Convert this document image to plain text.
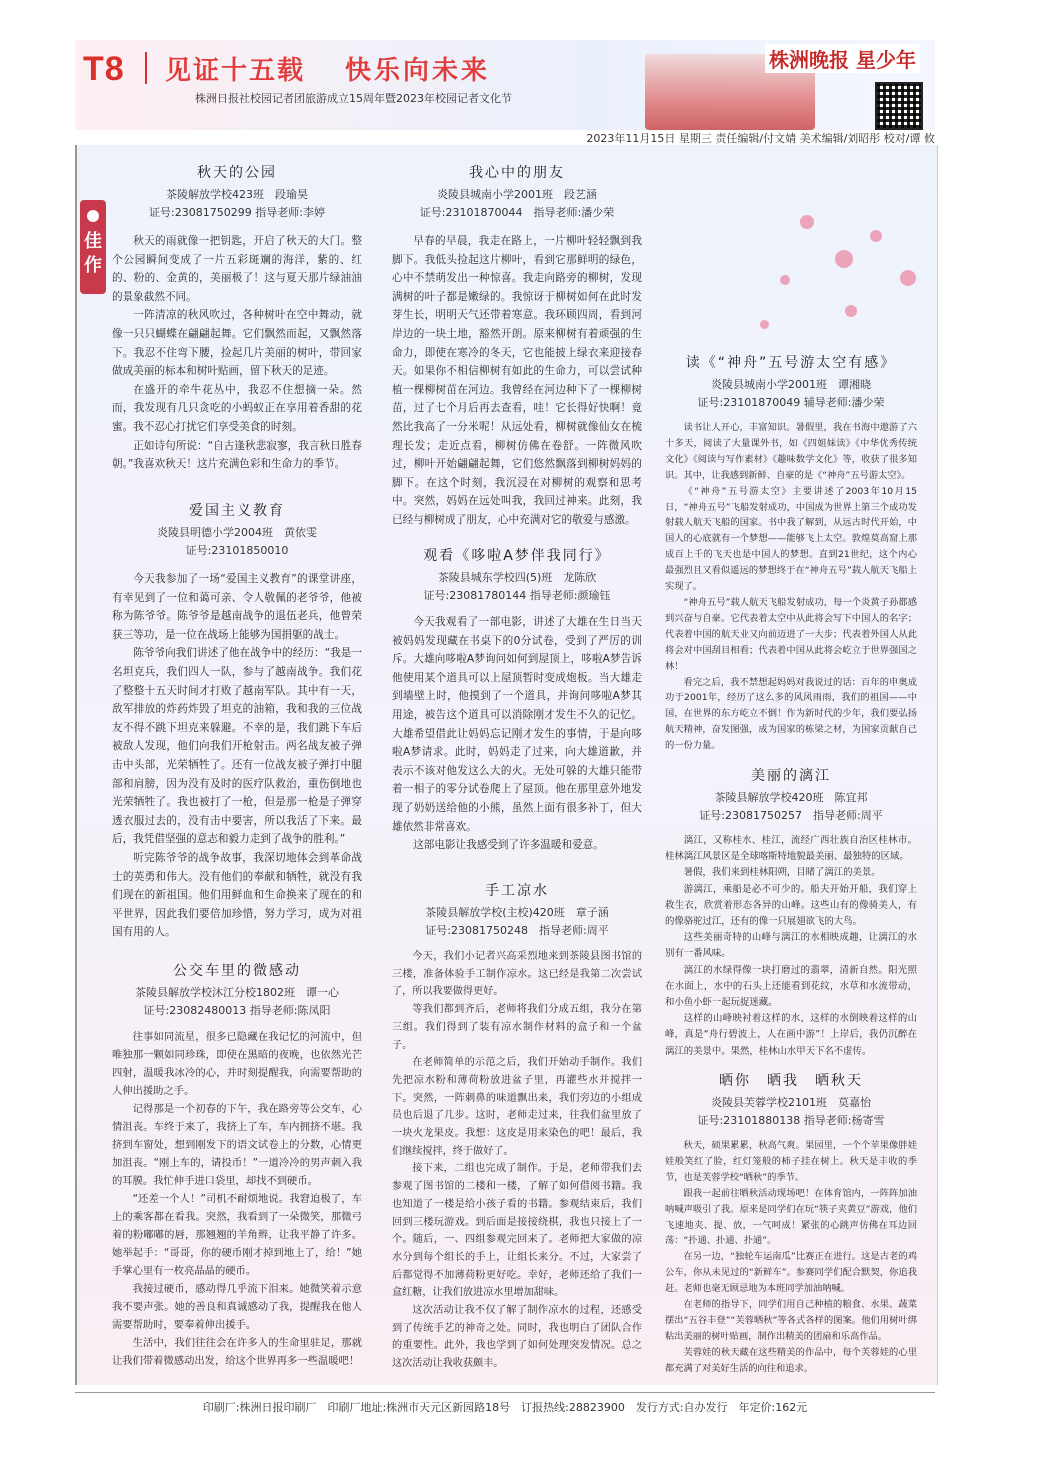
T8 见证十五载 快乐向未来
株洲日报社校园记者团旅游成立15周年暨2023年校园记者文化节
株洲晚报 星少年
2023年11月15日 星期三 责任编辑/付文婧 美术编辑/刘昭彤 校对/谭 攸
佳作
秋天的公园
茶陵解放学校423班　段瑜昊
证号:23081750299 指导老师:李婷

秋天的雨就像一把钥匙，开启了秋天的大门。整个公园瞬间变成了一片五彩斑斓的海洋，紫的、红的、粉的、金黄的，美丽极了！这与夏天那片绿油油的景象截然不同。

一阵清凉的秋风吹过，各种树叶在空中舞动，就像一只只蝴蝶在翩翩起舞。它们飘然而起，又飘然落下。我忍不住弯下腰，捡起几片美丽的树叶，带回家做成美丽的标本和树叶贴画，留下秋天的足迹。

在盛开的牵牛花丛中，我忍不住想摘一朵。然而，我发现有几只贪吃的小蚂蚁正在享用着香甜的花蜜。我不忍心打扰它们享受美食的时刻。

正如诗句所说：“自古逢秋悲寂寥，我言秋日胜春朝。”我喜欢秋天！这片充满色彩和生命力的季节。

爱国主义教育
炎陵县明德小学2004班　黄依雯
证号:23101850010

今天我参加了一场“爱国主义教育”的课堂讲座，有幸见到了一位和蔼可亲、令人敬佩的老爷爷，他被称为陈爷爷。陈爷爷是越南战争的退伍老兵，他曾荣获三等功，是一位在战场上能够为国捐躯的战士。

陈爷爷向我们讲述了他在战争中的经历：“我是一名坦克兵，我们四人一队，参与了越南战争。我们花了整整十五天时间才打败了越南军队。其中有一天，敌军排放的炸药炸毁了坦克的油箱，我和我的三位战友不得不跳下坦克来躲避。不幸的是，我们跳下车后被敌人发现，他们向我们开枪射击。两名战友被子弹击中头部，光荣牺牲了。还有一位战友被子弹打中腿部和肩膀，因为没有及时的医疗队救治，重伤倒地也光荣牺牲了。我也被打了一枪，但是那一枪是子弹穿透衣服过去的，没有击中要害，所以我活了下来。最后，我凭借坚强的意志和毅力走到了战争的胜利。”

听完陈爷爷的战争故事，我深切地体会到革命战士的英勇和伟大。没有他们的奉献和牺牲，就没有我们现在的新祖国。他们用鲜血和生命换来了现在的和平世界，因此我们要倍加珍惜，努力学习，成为对祖国有用的人。

公交车里的微感动
茶陵县解放学校沐江分校1802班　谭一心
证号:23082480013 指导老师:陈凤阳

往事如同流星，很多已隐藏在我记忆的河流中，但唯独那一颗如同珍珠，即使在黑暗的夜晚，也依然光芒四射，温暖我冰冷的心，并时刻提醒我，向需要帮助的人伸出援助之手。

记得那是一个初春的下午，我在路旁等公交车，心情沮丧。车终于来了，我挤上了车，车内拥挤不堪。我挤到车窗处，想到刚发下的语文试卷上的分数，心情更加沮丧。“刚上车的，请投币！”一道冷冷的男声刺入我的耳膜。我忙伸手进口袋里，却找不到硬币。

“还差一个人！”司机不耐烦地说。我窘迫极了，车上的乘客都在看我。突然，我看到了一朵微笑，那微弓着的粉嘟嘟的唇，那翘翘的羊角辫，让我平静了许多。她举起手：“哥哥，你的硬币刚才掉到地上了，给！”她手掌心里有一枚亮晶晶的硬币。

我接过硬币，感动得几乎流下泪来。她微笑着示意我不要声张。她的善良和真诚感动了我，提醒我在他人需要帮助时，要奉着伸出援手。

生活中，我们往往会在许多人的生命里驻足，那就让我们带着微感动出发，给这个世界再多一些温暖吧！

我心中的朋友
炎陵县城南小学2001班　段艺涵
证号:23101870044　指导老师:潘少荣

早春的早晨，我走在路上，一片柳叶轻轻飘到我脚下。我低头捡起这片柳叶，看到它那鲜明的绿色，心中不禁萌发出一种惊喜。我走向路旁的柳树，发现满树的叶子都是嫩绿的。我惊讶于柳树如何在此时发芽生长，明明天气还带着寒意。我环顾四周，看到河岸边的一块土地，豁然开朗。原来柳树有着顽强的生命力，即使在寒冷的冬天，它也能披上绿衣来迎接春天。如果你不相信柳树有如此的生命力，可以尝试种植一棵柳树苗在河边。我曾经在河边种下了一棵柳树苗，过了七个月后再去查看，哇！它长得好快啊！竟然比我高了一分米呢！从远处看，柳树就像仙女在梳理长发；走近点看，柳树仿佛在卷舒。一阵微风吹过，柳叶开始翩翩起舞，它们悠然飘落到柳树妈妈的脚下。在这个时刻，我沉浸在对柳树的观察和思考中。突然，妈妈在远处叫我，我回过神来。此刻，我已经与柳树成了朋友，心中充满对它的敬爱与感激。

观看《哆啦A梦伴我同行》
茶陵县城东学校四(5)班　龙陈欣
证号:23081780144 指导老师:颜瑜钰

今天我观看了一部电影，讲述了大雄在生日当天被妈妈发现藏在书桌下的0分试卷，受到了严厉的训斥。大雄向哆啦A梦询问如何到屋顶上，哆啦A梦告诉他使用某个道具可以上屋顶暂时变成炮板。当大雄走到墙壁上时，他摸到了一个道具，并询问哆啦A梦其用途，被告这个道具可以消除刚才发生不久的记忆。大雄希望借此让妈妈忘记刚才发生的事情，于是向哆啦A梦请求。此时，妈妈走了过来，向大雄道歉，并表示不该对他发这么大的火。无处可躲的大雄只能带着一相子的零分试卷爬上了屋顶。他在那里意外地发现了奶奶送给他的小熊，虽然上面有很多补丁，但大雄依然非常喜欢。

这部电影让我感受到了许多温暖和爱意。

手工凉水
茶陵县解放学校(主校)420班　章子涵
证号:23081750248　指导老师:周平

今天，我们小记者兴高采烈地来到茶陵县图书馆的三楼，准备体验手工制作凉水。这已经是我第二次尝试了，所以我要做得更好。

等我们都到齐后，老师将我们分成五组，我分在第三组。我们得到了装有凉水制作材料的盒子和一个盆子。

在老师简单的示范之后，我们开始动手制作。我们先把凉水粉和薄荷粉放进盆子里，再灌些水并搅拌一下。突然，一阵刺鼻的味道飘出来，我们旁边的小组成员也后退了几步。这时，老师走过来，往我们盆里放了一块火龙果皮。我想：这皮是用来染色的吧！最后，我们继续搅拌，终于做好了。

接下来，二组也完成了制作。于是，老师带我们去参观了图书馆的二楼和一楼，了解了如何借阅书籍。我也知道了一楼是给小孩子看的书籍。参观结束后，我们回到三楼玩游戏。到后面是接接绕棋，我也只接上了一个。随后，一、四组参观完回来了。老师把大家做的凉水分到每个组长的手上，让组长来分。不过，大家尝了后都觉得不加薄荷粉更好吃。幸好，老师还给了我们一盒红糖，让我们放进凉水里增加甜味。

这次活动让我不仅了解了制作凉水的过程，还感受到了传统手艺的神奇之处。同时，我也明白了团队合作的重要性。此外，我也学到了如何处理突发情况。总之这次活动让我收获颇丰。

读《“神舟”五号游太空有感》
炎陵县城南小学2001班　谭湘晓
证号:23101870049 辅导老师:潘少荣

读书让人开心，丰富知识。暑假里，我在书海中遨游了六十多天，阅读了大量课外书，如《四姐妹读》《中华优秀传统文化》《阅读与写作素材》《趣味数学文化》等，收获了很多知识。其中，让我感到新鲜、自豪的是《“神舟”五号游太空》。

《“神舟”五号游太空》主要讲述了2003年10月15日，“神舟五号”飞船发射成功，中国成为世界上第三个成功发射载人航天飞船的国家。书中我了解到，从远古时代开始，中国人的心底就有一个梦想——能够飞上太空。敦煌莫高窟上那成百上千的飞天也是中国人的梦想。直到21世纪，这个内心最强烈且又看似遥远的梦想终于在“神舟五号”载人航天飞船上实现了。

“神舟五号”载人航天飞船发射成功，每一个炎黄子孙都感到兴奋与自豪。它代表着太空中从此将会写下中国人的名字；代表着中国的航天业又向前迈进了一大步；代表着外国人从此将会对中国刮目相看；代表着中国从此将会屹立于世界强国之林！

看完之后，我不禁想起妈妈对我说过的话：百年的申奥成功于2001年，经历了这么多的风风雨雨，我们的祖国——中国，在世界的东方屹立不倒！作为新时代的少年，我们要弘扬航天精神，奋发图强，成为国家的栋梁之材，为国家贡献自己的一份力量。

美丽的漓江
茶陵县解放学校420班　陈宜邦
证号:23081750257　指导老师:周平

漓江，又称桂水、桂江，流经广西壮族自治区桂林市。桂林漓江风景区是全球喀斯特地貌最美丽、最独特的区域。

暑假，我们来到桂林阳朔，目睹了漓江的美景。

游漓江，乘船是必不可少的。船夫开始开船，我们穿上救生衣，欣赏着形态各异的山峰。这些山有的像骑美人，有的像骆驼过江，还有的像一只展翅欲飞的大鸟。

这些美丽奇特的山峰与漓江的水相映成趣，让漓江的水别有一番风味。

漓江的水绿得像一块打磨过的翡翠，清新自然。阳光照在水面上，水中的石头上还能看到花纹，水草和水流带动，和小鱼小虾一起玩捉迷藏。

这样的山峰映衬着这样的水，这样的水倒映着这样的山峰，真是“舟行碧波上，人在画中游”！上岸后，我仍沉醉在漓江的美景中。果然，桂林山水甲天下名不虚传。

晒你　晒我　晒秋天
炎陵县芙蓉学校2101班　莫嘉怡
证号:23101880138 指导老师:杨寄雪

秋天，硕果累累，秋高气爽。果园里，一个个苹果像胖娃娃般笑红了脸，红灯笼般的柿子挂在树上。秋天是丰收的季节，也是芙蓉学校“晒秋”的季节。

跟我一起前往晒秋活动现场吧！在体育馆内，一阵阵加油呐喊声吸引了我。原来是同学们在玩“筷子夹黄豆”游戏，他们飞速地夹、提、放，一气呵成！紧张的心跳声仿佛在耳边回荡：“扑通、扑通、扑通”。

在另一边，“独轮车运南瓜”比赛正在进行。这是古老的鸡公车，你从未见过的“新鲜车”。参赛同学们配合默契，你追我赶。老师也毫无顾忌地为本班同学加油呐喊。

在老师的指导下，同学们用自己种植的粮食、水果、蔬菜摆出“五谷丰登”“芙蓉晒秋”等各式各样的图案。他们用树叶绑粘出美丽的树叶贴画，制作出精美的团扇和乐高作品。

芙蓉娃的秋天藏在这些精美的作品中，每个芙蓉娃的心里都充满了对美好生活的向往和追求。

印刷厂:株洲日报印刷厂　印刷厂地址:株洲市天元区新园路18号　订报热线:28823900　发行方式:自办发行　年定价:162元
